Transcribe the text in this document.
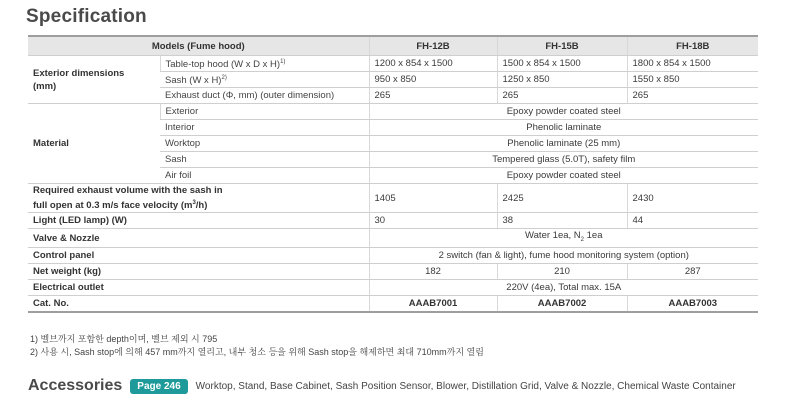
Specification
Models (Fume hood)		FH-12B	FH-15B	FH-18B
Exterior dimensions
(mm)	Table-top hood (W x D x H)$^{1)}$	1200 x 854 x 1500	1500 x 854 x 1500	1800 x 854 x 1500
	Sash (W x H)$^{2)}$	950 x 850	1250 x 850	1550 x 850
	Exhaust duct (Φ, mm) (outer dimension)	265	265	265
Material	Exterior	Epoxy powder coated steel		
	Interior	Phenolic laminate		
	Worktop	Phenolic laminate (25 mm)		
	Sash	Tempered glass (5.0T), safety film		
	Air foil	Epoxy powder coated steel		
Required exhaust volume with the sash in
full open at 0.3 m/s face velocity $(m^3/h)$		1405	2425	2430
Light (LED lamp) (W)		30	38	44
Valve & Nozzle		Water 1ea, $N_2$ 1ea		
Control panel		2 switch (fan & light), fume hood monitoring system (option)		
Net weight (kg)		182	210	287
Electrical outlet		220V (4ea), Total max. 15A		
Cat. No.		AAAB7001	AAAB7002	AAAB7003
1) 벨브까지 포함한 depth이며, 벨브 제외 시 795
2) 사용 시, Sash stop에 의해 457 mm까지 열리고, 내부 청소 등을 위해 Sash stop을 해제하면 최대 710mm까지 열림
Accessories	Page 246	Worktop, Stand, Base Cabinet, Sash Position Sensor, Blower, Distillation Grid, Valve & Nozzle, Chemical Waste Container
